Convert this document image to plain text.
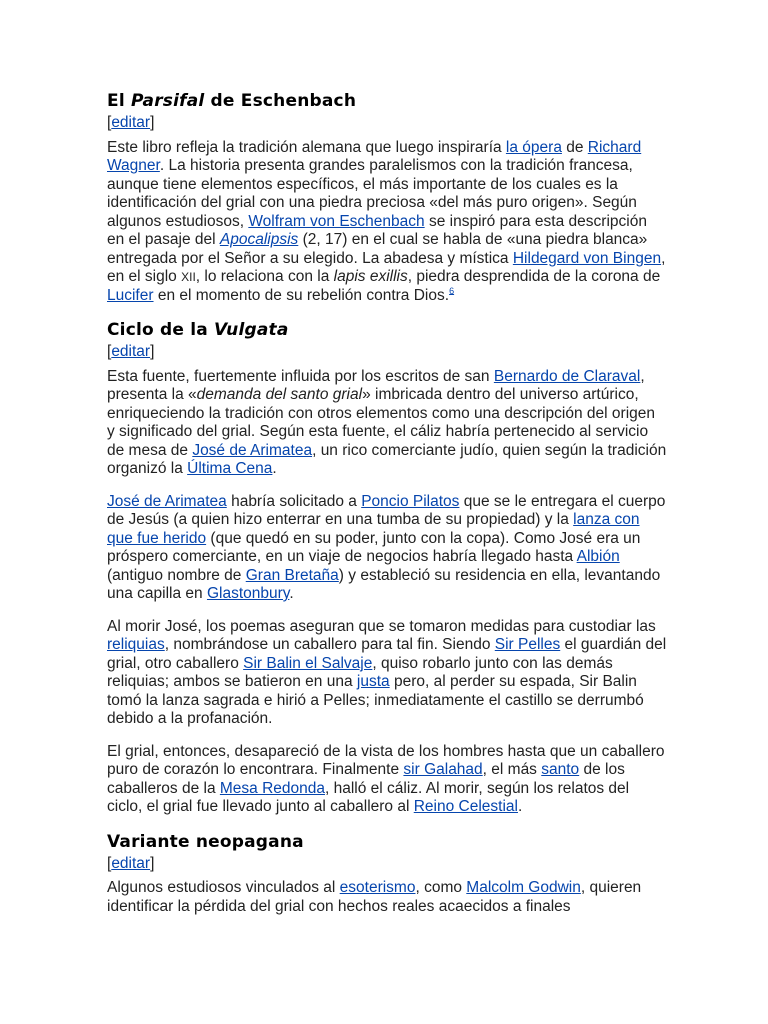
El Parsifal de Eschenbach
[editar]

Este libro refleja la tradición alemana que luego inspiraría la ópera de Richard Wagner. La historia presenta grandes paralelismos con la tradición francesa, aunque tiene elementos específicos, el más importante de los cuales es la identificación del grial con una piedra preciosa «del más puro origen». Según algunos estudiosos, Wolfram von Eschenbach se inspiró para esta descripción en el pasaje del Apocalipsis (2, 17) en el cual se habla de «una piedra blanca» entregada por el Señor a su elegido. La abadesa y mística Hildegard von Bingen, en el siglo XII, lo relaciona con la lapis exillis, piedra desprendida de la corona de Lucifer en el momento de su rebelión contra Dios.$^6$

Ciclo de la Vulgata
[editar]

Esta fuente, fuertemente influida por los escritos de san Bernardo de Claraval, presenta la «demanda del santo grial» imbricada dentro del universo artúrico, enriqueciendo la tradición con otros elementos como una descripción del origen y significado del grial. Según esta fuente, el cáliz habría pertenecido al servicio de mesa de José de Arimatea, un rico comerciante judío, quien según la tradición organizó la Última Cena.

José de Arimatea habría solicitado a Poncio Pilatos que se le entregara el cuerpo de Jesús (a quien hizo enterrar en una tumba de su propiedad) y la lanza con que fue herido (que quedó en su poder, junto con la copa). Como José era un próspero comerciante, en un viaje de negocios habría llegado hasta Albión (antiguo nombre de Gran Bretaña) y estableció su residencia en ella, levantando una capilla en Glastonbury.

Al morir José, los poemas aseguran que se tomaron medidas para custodiar las reliquias, nombrándose un caballero para tal fin. Siendo Sir Pelles el guardián del grial, otro caballero Sir Balin el Salvaje, quiso robarlo junto con las demás reliquias; ambos se batieron en una justa pero, al perder su espada, Sir Balin tomó la lanza sagrada e hirió a Pelles; inmediatamente el castillo se derrumbó debido a la profanación.

El grial, entonces, desapareció de la vista de los hombres hasta que un caballero puro de corazón lo encontrara. Finalmente sir Galahad, el más santo de los caballeros de la Mesa Redonda, halló el cáliz. Al morir, según los relatos del ciclo, el grial fue llevado junto al caballero al Reino Celestial.

Variante neopagana
[editar]

Algunos estudiosos vinculados al esoterismo, como Malcolm Godwin, quieren identificar la pérdida del grial con hechos reales acaecidos a finales
